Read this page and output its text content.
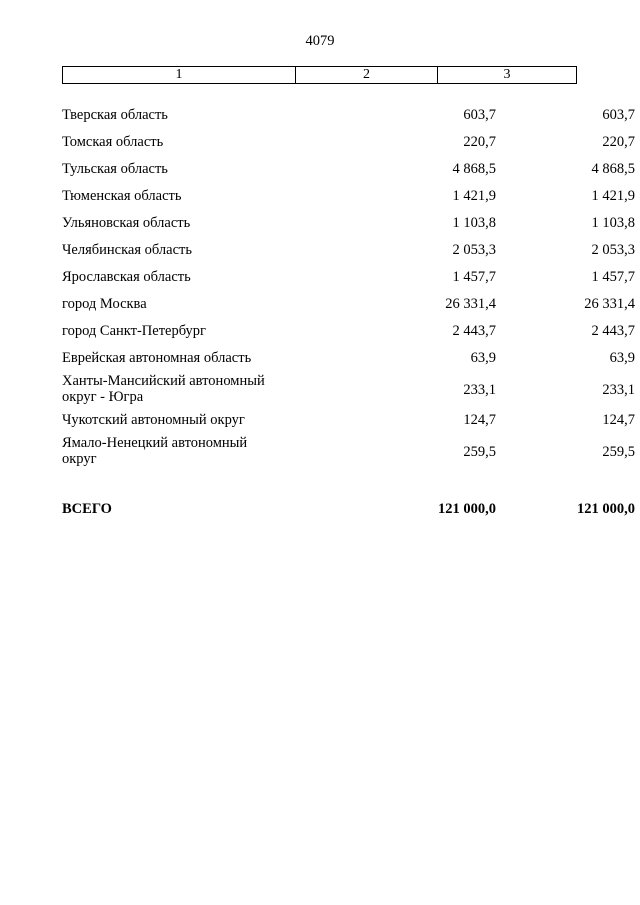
4079
1	2	3
Тверская область	603,7	603,7
Томская область	220,7	220,7
Тульская область	4 868,5	4 868,5
Тюменская область	1 421,9	1 421,9
Ульяновская область	1 103,8	1 103,8
Челябинская область	2 053,3	2 053,3
Ярославская область	1 457,7	1 457,7
город Москва	26 331,4	26 331,4
город Санкт-Петербург	2 443,7	2 443,7
Еврейская автономная область	63,9	63,9
Ханты-Мансийский автономный
округ - Югра	233,1	233,1
Чукотский автономный округ	124,7	124,7
Ямало-Ненецкий автономный
округ	259,5	259,5
ВСЕГО	121 000,0	121 000,0
